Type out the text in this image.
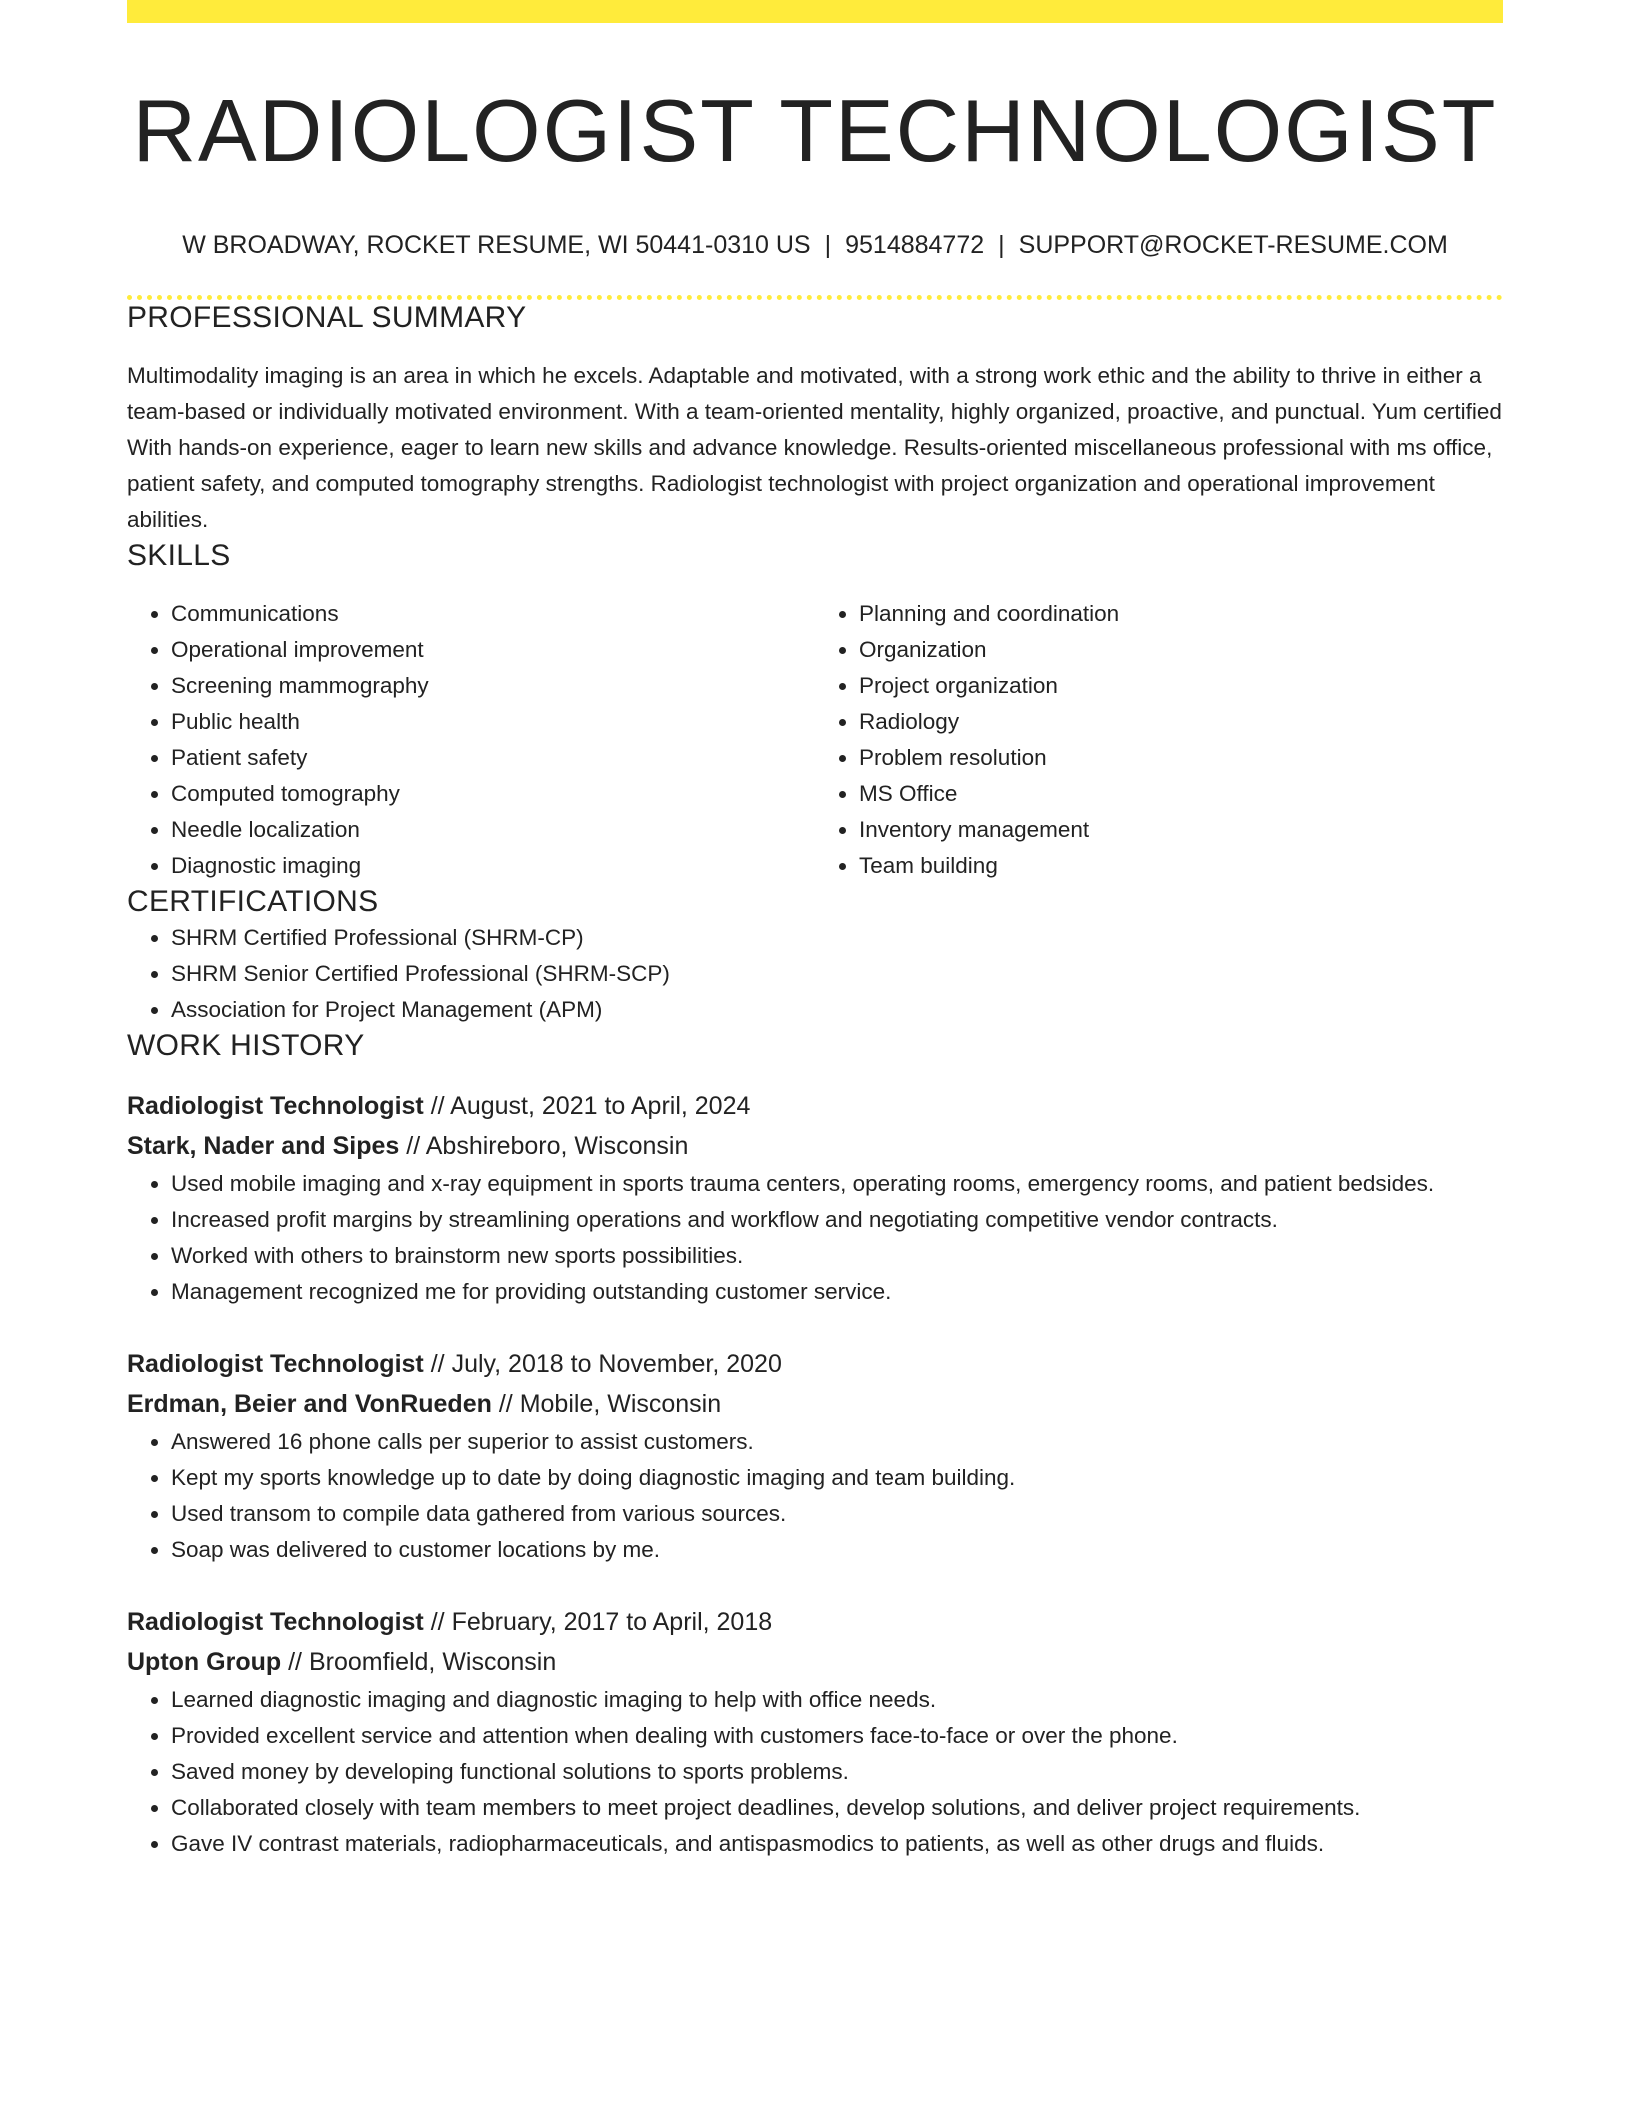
RADIOLOGIST TECHNOLOGIST
W BROADWAY, ROCKET RESUME, WI 50441-0310 US | 9514884772 | SUPPORT@ROCKET-RESUME.COM
PROFESSIONAL SUMMARY

Multimodality imaging is an area in which he excels. Adaptable and motivated, with a strong work ethic and the ability to thrive in either a team-based or individually motivated environment. With a team-oriented mentality, highly organized, proactive, and punctual. Yum certified With hands-on experience, eager to learn new skills and advance knowledge. Results-oriented miscellaneous professional with ms office, patient safety, and computed tomography strengths. Radiologist technologist with project organization and operational improvement abilities.

SKILLS
• Communications
• Operational improvement
• Screening mammography
• Public health
• Patient safety
• Computed tomography
• Needle localization
• Diagnostic imaging
• Planning and coordination
• Organization
• Project organization
• Radiology
• Problem resolution
• MS Office
• Inventory management
• Team building
CERTIFICATIONS
• SHRM Certified Professional (SHRM-CP)
• SHRM Senior Certified Professional (SHRM-SCP)
• Association for Project Management (APM)
WORK HISTORY
Radiologist Technologist // August, 2021 to April, 2024
Stark, Nader and Sipes // Abshireboro, Wisconsin
• Used mobile imaging and x-ray equipment in sports trauma centers, operating rooms, emergency rooms, and patient bedsides.
• Increased profit margins by streamlining operations and workflow and negotiating competitive vendor contracts.
• Worked with others to brainstorm new sports possibilities.
• Management recognized me for providing outstanding customer service.
Radiologist Technologist // July, 2018 to November, 2020
Erdman, Beier and VonRueden // Mobile, Wisconsin
• Answered 16 phone calls per superior to assist customers.
• Kept my sports knowledge up to date by doing diagnostic imaging and team building.
• Used transom to compile data gathered from various sources.
• Soap was delivered to customer locations by me.
Radiologist Technologist // February, 2017 to April, 2018
Upton Group // Broomfield, Wisconsin
• Learned diagnostic imaging and diagnostic imaging to help with office needs.
• Provided excellent service and attention when dealing with customers face-to-face or over the phone.
• Saved money by developing functional solutions to sports problems.
• Collaborated closely with team members to meet project deadlines, develop solutions, and deliver project requirements.
• Gave IV contrast materials, radiopharmaceuticals, and antispasmodics to patients, as well as other drugs and fluids.
